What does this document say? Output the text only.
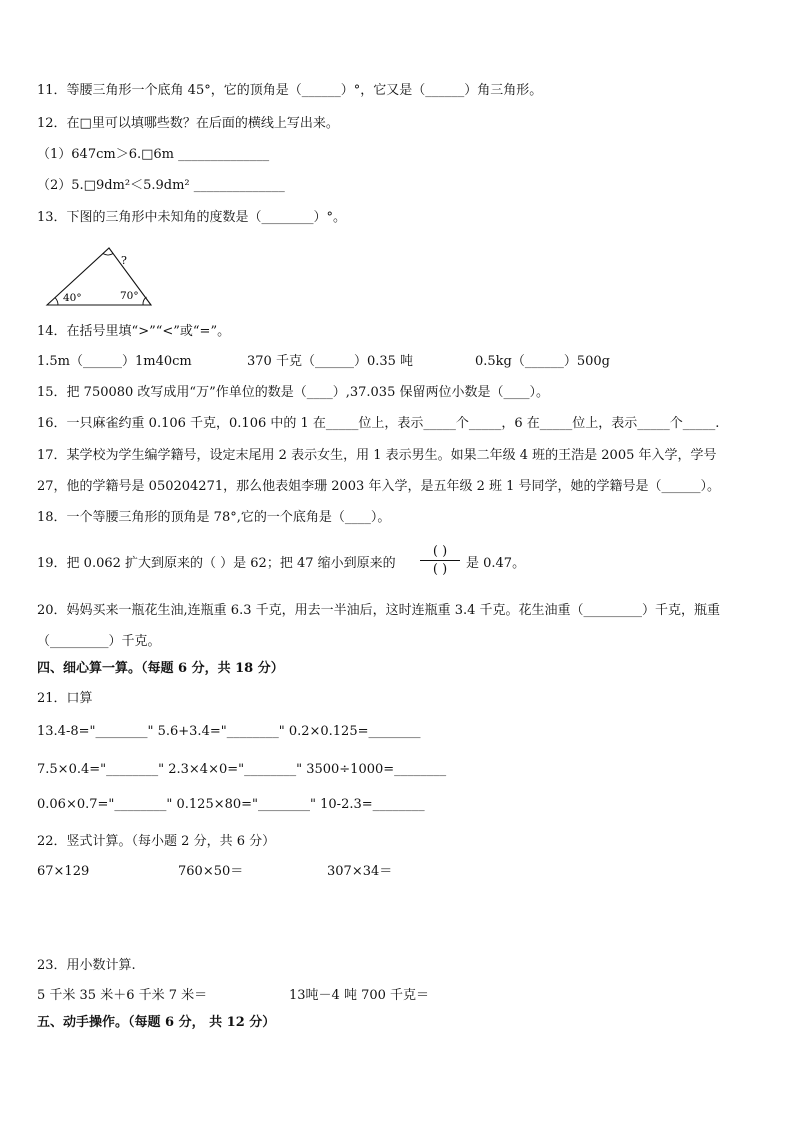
11．等腰三角形一个底角 45°，它的顶角是（______）°，它又是（______）角三角形。
12．在□里可以填哪些数？在后面的横线上写出来。
（1）647cm＞6.□6m ______________
（2）5.□9dm²＜5.9dm² ______________
13．下图的三角形中未知角的度数是（________）°。
?
40°	70°
14．在括号里填“>”“<”或“=”。
1.5m（______）1m40cm	370 千克（______）0.35 吨	0.5kg（______）500g
15．把 750080 改写成用“万”作单位的数是（____）,37.035 保留两位小数是（____）。
16．一只麻雀约重 0.106 千克，0.106 中的 1 在_____位上，表示_____个_____，6 在_____位上，表示_____个_____.
17．某学校为学生编学籍号，设定末尾用 2 表示女生，用 1 表示男生。如果二年级 4 班的王浩是 2005 年入学，学号
27，他的学籍号是 050204271，那么他表姐李珊 2003 年入学，是五年级 2 班 1 号同学，她的学籍号是（______）。
18．一个等腰三角形的顶角是 78°,它的一个底角是（____）。
19．把 0.062 扩大到原来的（ ）是 62；把 47 缩小到原来的
( )
( )	是 0.47。
20．妈妈买来一瓶花生油,连瓶重 6.3 千克，用去一半油后，这时连瓶重 3.4 千克。花生油重（_________）千克，瓶重
（_________）千克。
四、细心算一算。（每题 6 分，共 18 分）
21．口算
13.4-8="________" 5.6+3.4="________" 0.2×0.125=________
7.5×0.4="________" 2.3×4×0="________" 3500÷1000=________
0.06×0.7="________" 0.125×80="________" 10-2.3=________
22．竖式计算。（每小题 2 分，共 6 分）
67×129	760×50＝	307×34＝
23．用小数计算.
5 千米 35 米＋6 千米 7 米＝	13吨－4 吨 700 千克＝
五、动手操作。（每题 6 分， 共 12 分）
